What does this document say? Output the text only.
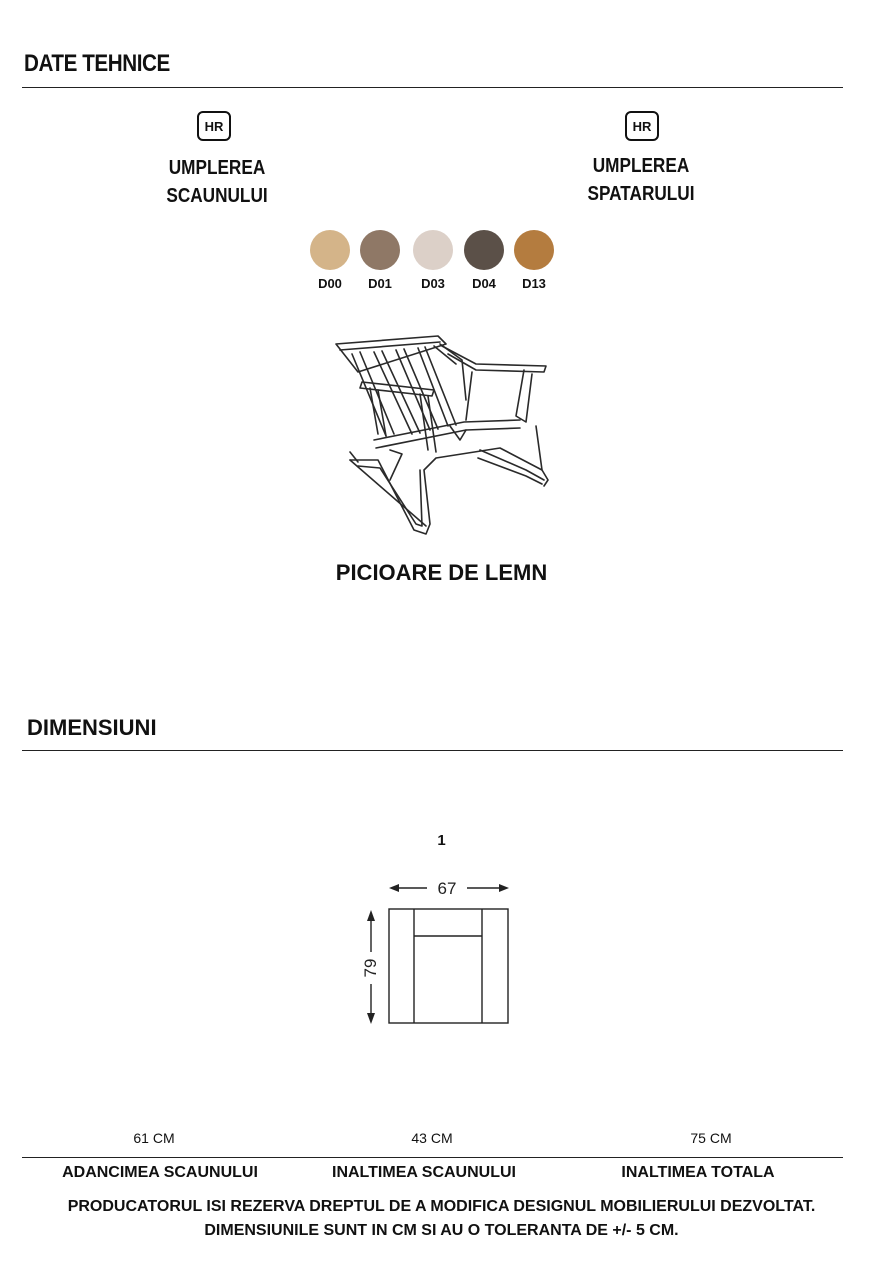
DATE TEHNICE
HR
UMPLEREA
SCAUNULUI
HR
UMPLEREA
SPATARULUI
D00	D01	D03	D04	D13
PICIOARE DE LEMN
DIMENSIUNI
1
67
79
61 CM	43 CM	75 CM
ADANCIMEA SCAUNULUI	INALTIMEA SCAUNULUI	INALTIMEA TOTALA
PRODUCATORUL ISI REZERVA DREPTUL DE A MODIFICA DESIGNUL MOBILIERULUI DEZVOLTAT.
DIMENSIUNILE SUNT IN CM SI AU O TOLERANTA DE +/- 5 CM.
